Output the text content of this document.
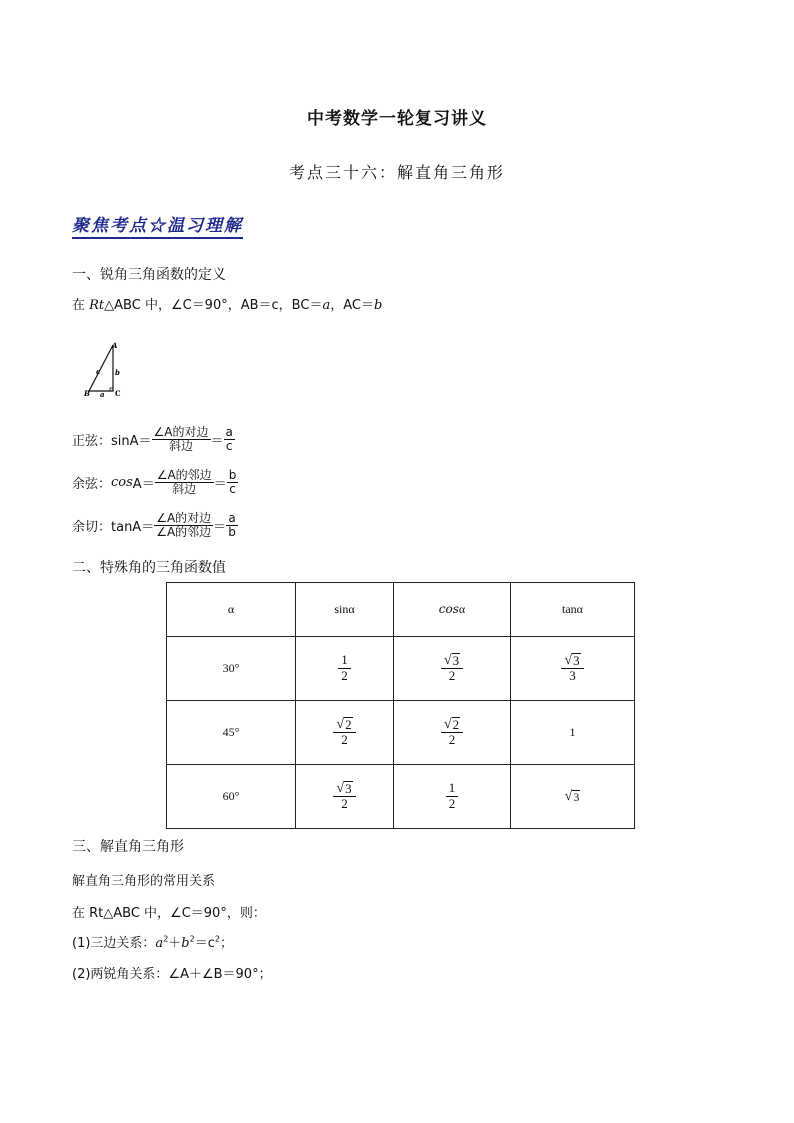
中考数学一轮复习讲义
考点三十六：解直角三角形
聚焦考点☆温习理解
一、锐角三角函数的定义
在 Rt△ABC 中，∠C＝90°，AB＝c，BC＝a，AC＝b
A
B	C
c b
a
正弦：$\sin A= \frac{\text{∠A的对边}}{\text{斜边}} = \frac{a}{c}$
余弦： $\cos A= \frac{\text{∠A的邻边}}{\text{斜边}} = \frac{b}{c}$
余切：$\tan A= \frac{\text{∠A的对边}}{\text{∠A的邻边}} = \frac{a}{b}$
二、特殊角的三角函数值
α	sinα	cosα	tanα
30°	$\frac{1}{2}$	$\frac{√ 3}{2}$	$\frac{√ 3}{3}$

45°	$\frac{√ 2}{2}$	$\frac{√ 2}{2}$	1
60°	$\frac{√ 3}{2}$	$\frac{1}{2}$	√ 3
三、解直角三角形
解直角三角形的常用关系
在 Rt△ABC 中，∠C＝90°，则：
(1)三边关系：$a^2+b^2=c^2$；
(2)两锐角关系：∠A＋∠B＝90°；
